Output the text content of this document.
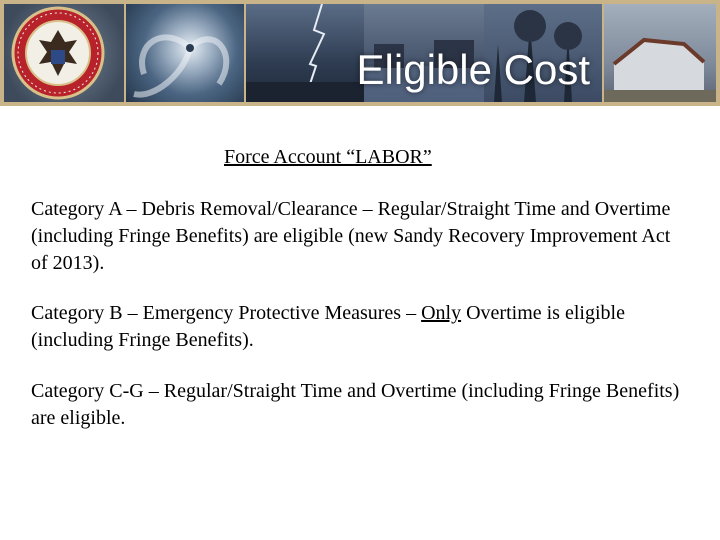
Eligible Cost
Force Account “LABOR”

Category A – Debris Removal/Clearance – Regular/Straight Time and Overtime (including Fringe Benefits) are eligible (new Sandy Recovery Improvement Act of 2013).

Category B – Emergency Protective Measures – Only Overtime is eligible (including Fringe Benefits).

Category C-G – Regular/Straight Time and Overtime (including Fringe Benefits) are eligible.
